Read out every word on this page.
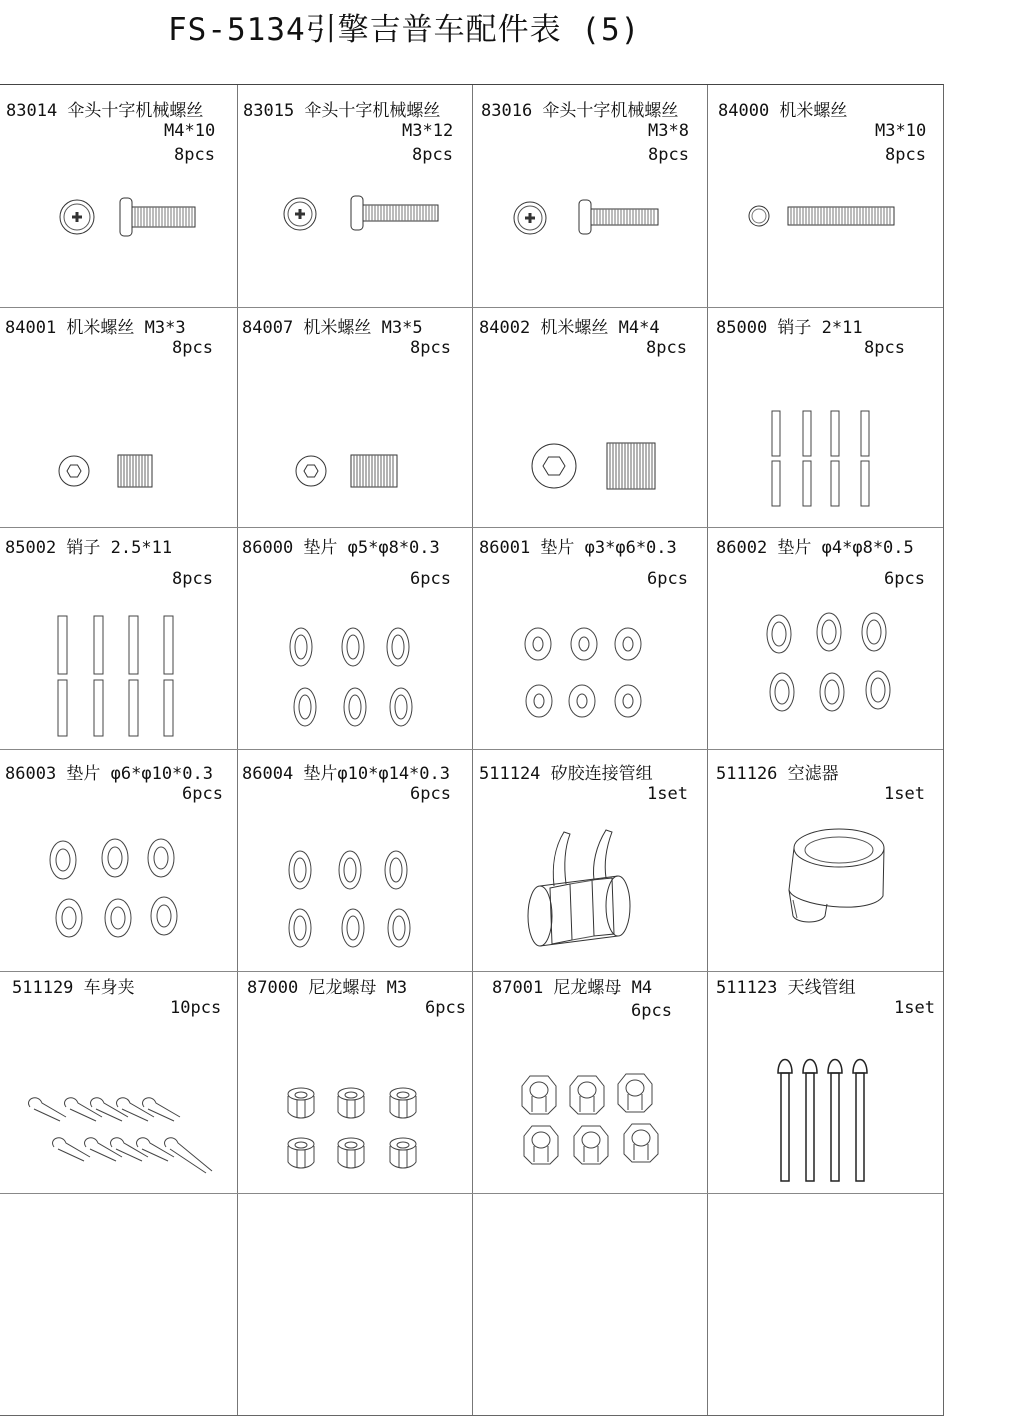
FS-5134引擎吉普车配件表 (5)
83014 伞头十字机械螺丝
M4*10
8pcs
83015 伞头十字机械螺丝
M3*12
8pcs
83016 伞头十字机械螺丝
M3*8
8pcs
84000 机米螺丝
M3*10
8pcs
84001 机米螺丝 M3*3
8pcs
84007 机米螺丝 M3*5
8pcs
84002 机米螺丝 M4*4
8pcs
85000 销子 2*11
8pcs
85002 销子 2.5*11
8pcs
86000 垫片 φ5*φ8*0.3
6pcs
86001 垫片 φ3*φ6*0.3
6pcs
86002 垫片 φ4*φ8*0.5
6pcs
86003 垫片 φ6*φ10*0.3
6pcs
86004 垫片φ10*φ14*0.3
6pcs
511124 矽胶连接管组
1set
511126 空滤器
1set
511129 车身夹
10pcs
87000 尼龙螺母 M3
6pcs
87001 尼龙螺母 M4
6pcs
511123 天线管组
1set
